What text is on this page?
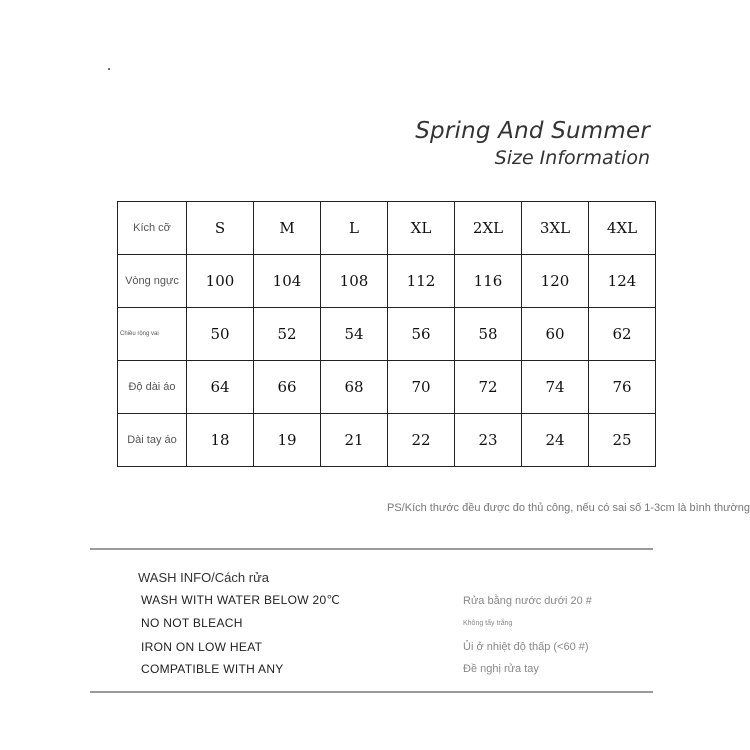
Spring And Summer
Size Information
Kích cỡ	S	M	L	XL	2XL	3XL	4XL
Vòng ngực	100	104	108	112	116	120	124
Chiều rộng vai	50	52	54	56	58	60	62
Độ dài áo	64	66	68	70	72	74	76
Dài tay áo	18	19	21	22	23	24	25
PS/Kích thước đều được đo thủ công, nếu có sai số 1-3cm là bình thường
WASH INFO/Cách rửa
WASH WITH WATER BELOW 20℃
NO NOT BLEACH
IRON ON LOW HEAT
COMPATIBLE WITH ANY
Rửa bằng nước dưới 20 #
Không tẩy trắng
Ủi ở nhiệt độ thấp (<60 #)
Đề nghị rửa tay
